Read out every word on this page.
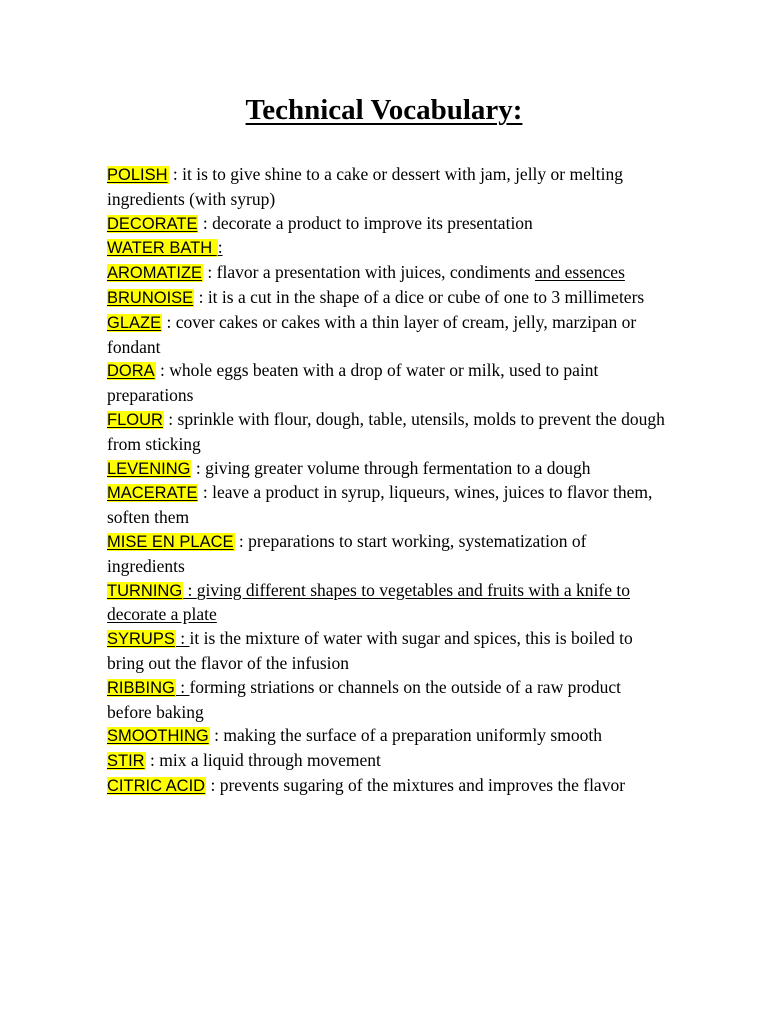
Technical Vocabulary:

POLISH : it is to give shine to a cake or dessert with jam, jelly or melting ingredients (with syrup)

DECORATE : decorate a product to improve its presentation

WATER BATH :

AROMATIZE : flavor a presentation with juices, condiments and essences

BRUNOISE : it is a cut in the shape of a dice or cube of one to 3 millimeters

GLAZE : cover cakes or cakes with a thin layer of cream, jelly, marzipan or fondant

DORA : whole eggs beaten with a drop of water or milk, used to paint preparations

FLOUR : sprinkle with flour, dough, table, utensils, molds to prevent the dough from sticking

LEVENING : giving greater volume through fermentation to a dough

MACERATE : leave a product in syrup, liqueurs, wines, juices to flavor them, soften them

MISE EN PLACE : preparations to start working, systematization of ingredients

TURNING : giving different shapes to vegetables and fruits with a knife to decorate a plate

SYRUPS : it is the mixture of water with sugar and spices, this is boiled to bring out the flavor of the infusion

RIBBING : forming striations or channels on the outside of a raw product before baking

SMOOTHING : making the surface of a preparation uniformly smooth

STIR : mix a liquid through movement

CITRIC ACID : prevents sugaring of the mixtures and improves the flavor
